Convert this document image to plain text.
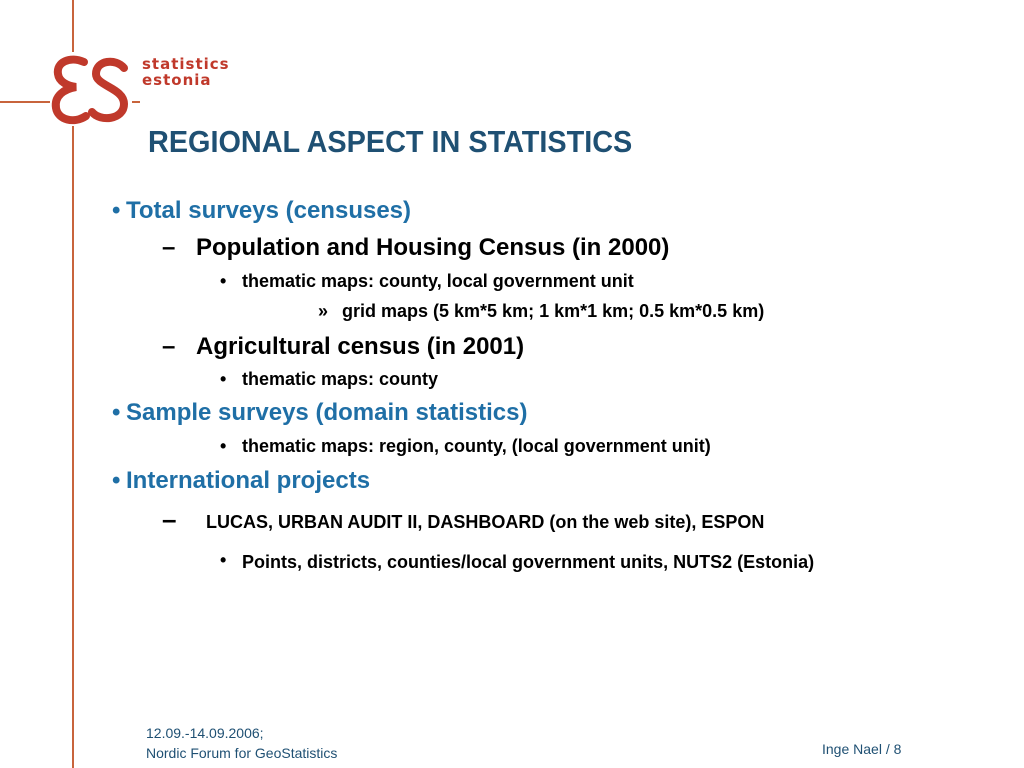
statistics
estonia
REGIONAL ASPECT IN STATISTICS
• Total surveys (censuses)
– Population and Housing Census (in 2000)
• thematic maps: county, local government unit
» grid maps (5 km*5 km; 1 km*1 km; 0.5 km*0.5 km)
– Agricultural census (in 2001)
• thematic maps: county
• Sample surveys (domain statistics)
• thematic maps: region, county, (local government unit)
• International projects
– LUCAS, URBAN AUDIT II, DASHBOARD (on the web site), ESPON
• Points, districts, counties/local government units, NUTS2 (Estonia)
12.09.-14.09.2006;
Nordic Forum for GeoStatistics	Inge Nael / 8
